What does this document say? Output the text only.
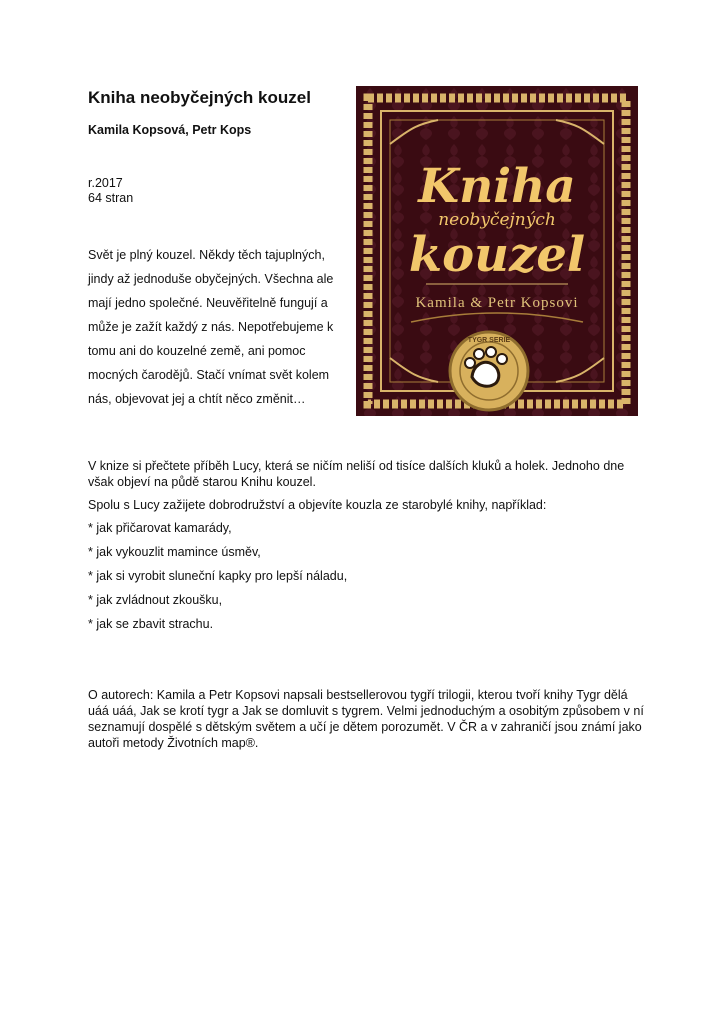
Kniha neobyčejných kouzel
Kamila Kopsová, Petr Kops
r.2017
64 stran

Svět je plný kouzel. Někdy těch tajuplných, jindy až jednoduše obyčejných. Všechna ale mají jedno společné. Neuvěřitelně fungují a může je zažít každý z nás. Nepotřebujeme k tomu ani do kouzelné země, ani pomoc mocných čarodějů. Stačí vnímat svět kolem nás, objevovat jej a chtít něco změnit…

Kniha
neobyčejných
kouzel
Kamila & Petr Kopsovi
TYGR SERIE

V knize si přečtete příběh Lucy, která se ničím neliší od tisíce dalších kluků a holek. Jednoho dne však objeví na půdě starou Knihu kouzel.

Spolu s Lucy zažijete dobrodružství a objevíte kouzla ze starobylé knihy, například:

* jak přičarovat kamarády,
* jak vykouzlit mamince úsměv,
* jak si vyrobit sluneční kapky pro lepší náladu,
* jak zvládnout zkoušku,
* jak se zbavit strachu.

O autorech: Kamila a Petr Kopsovi napsali bestsellerovou tygří trilogii, kterou tvoří knihy Tygr dělá uáá uáá, Jak se krotí tygr a Jak se domluvit s tygrem. Velmi jednoduchým a osobitým způsobem v ní seznamují dospělé s dětským světem a učí je dětem porozumět. V ČR a v zahraničí jsou známí jako autoři metody Životních map®.
